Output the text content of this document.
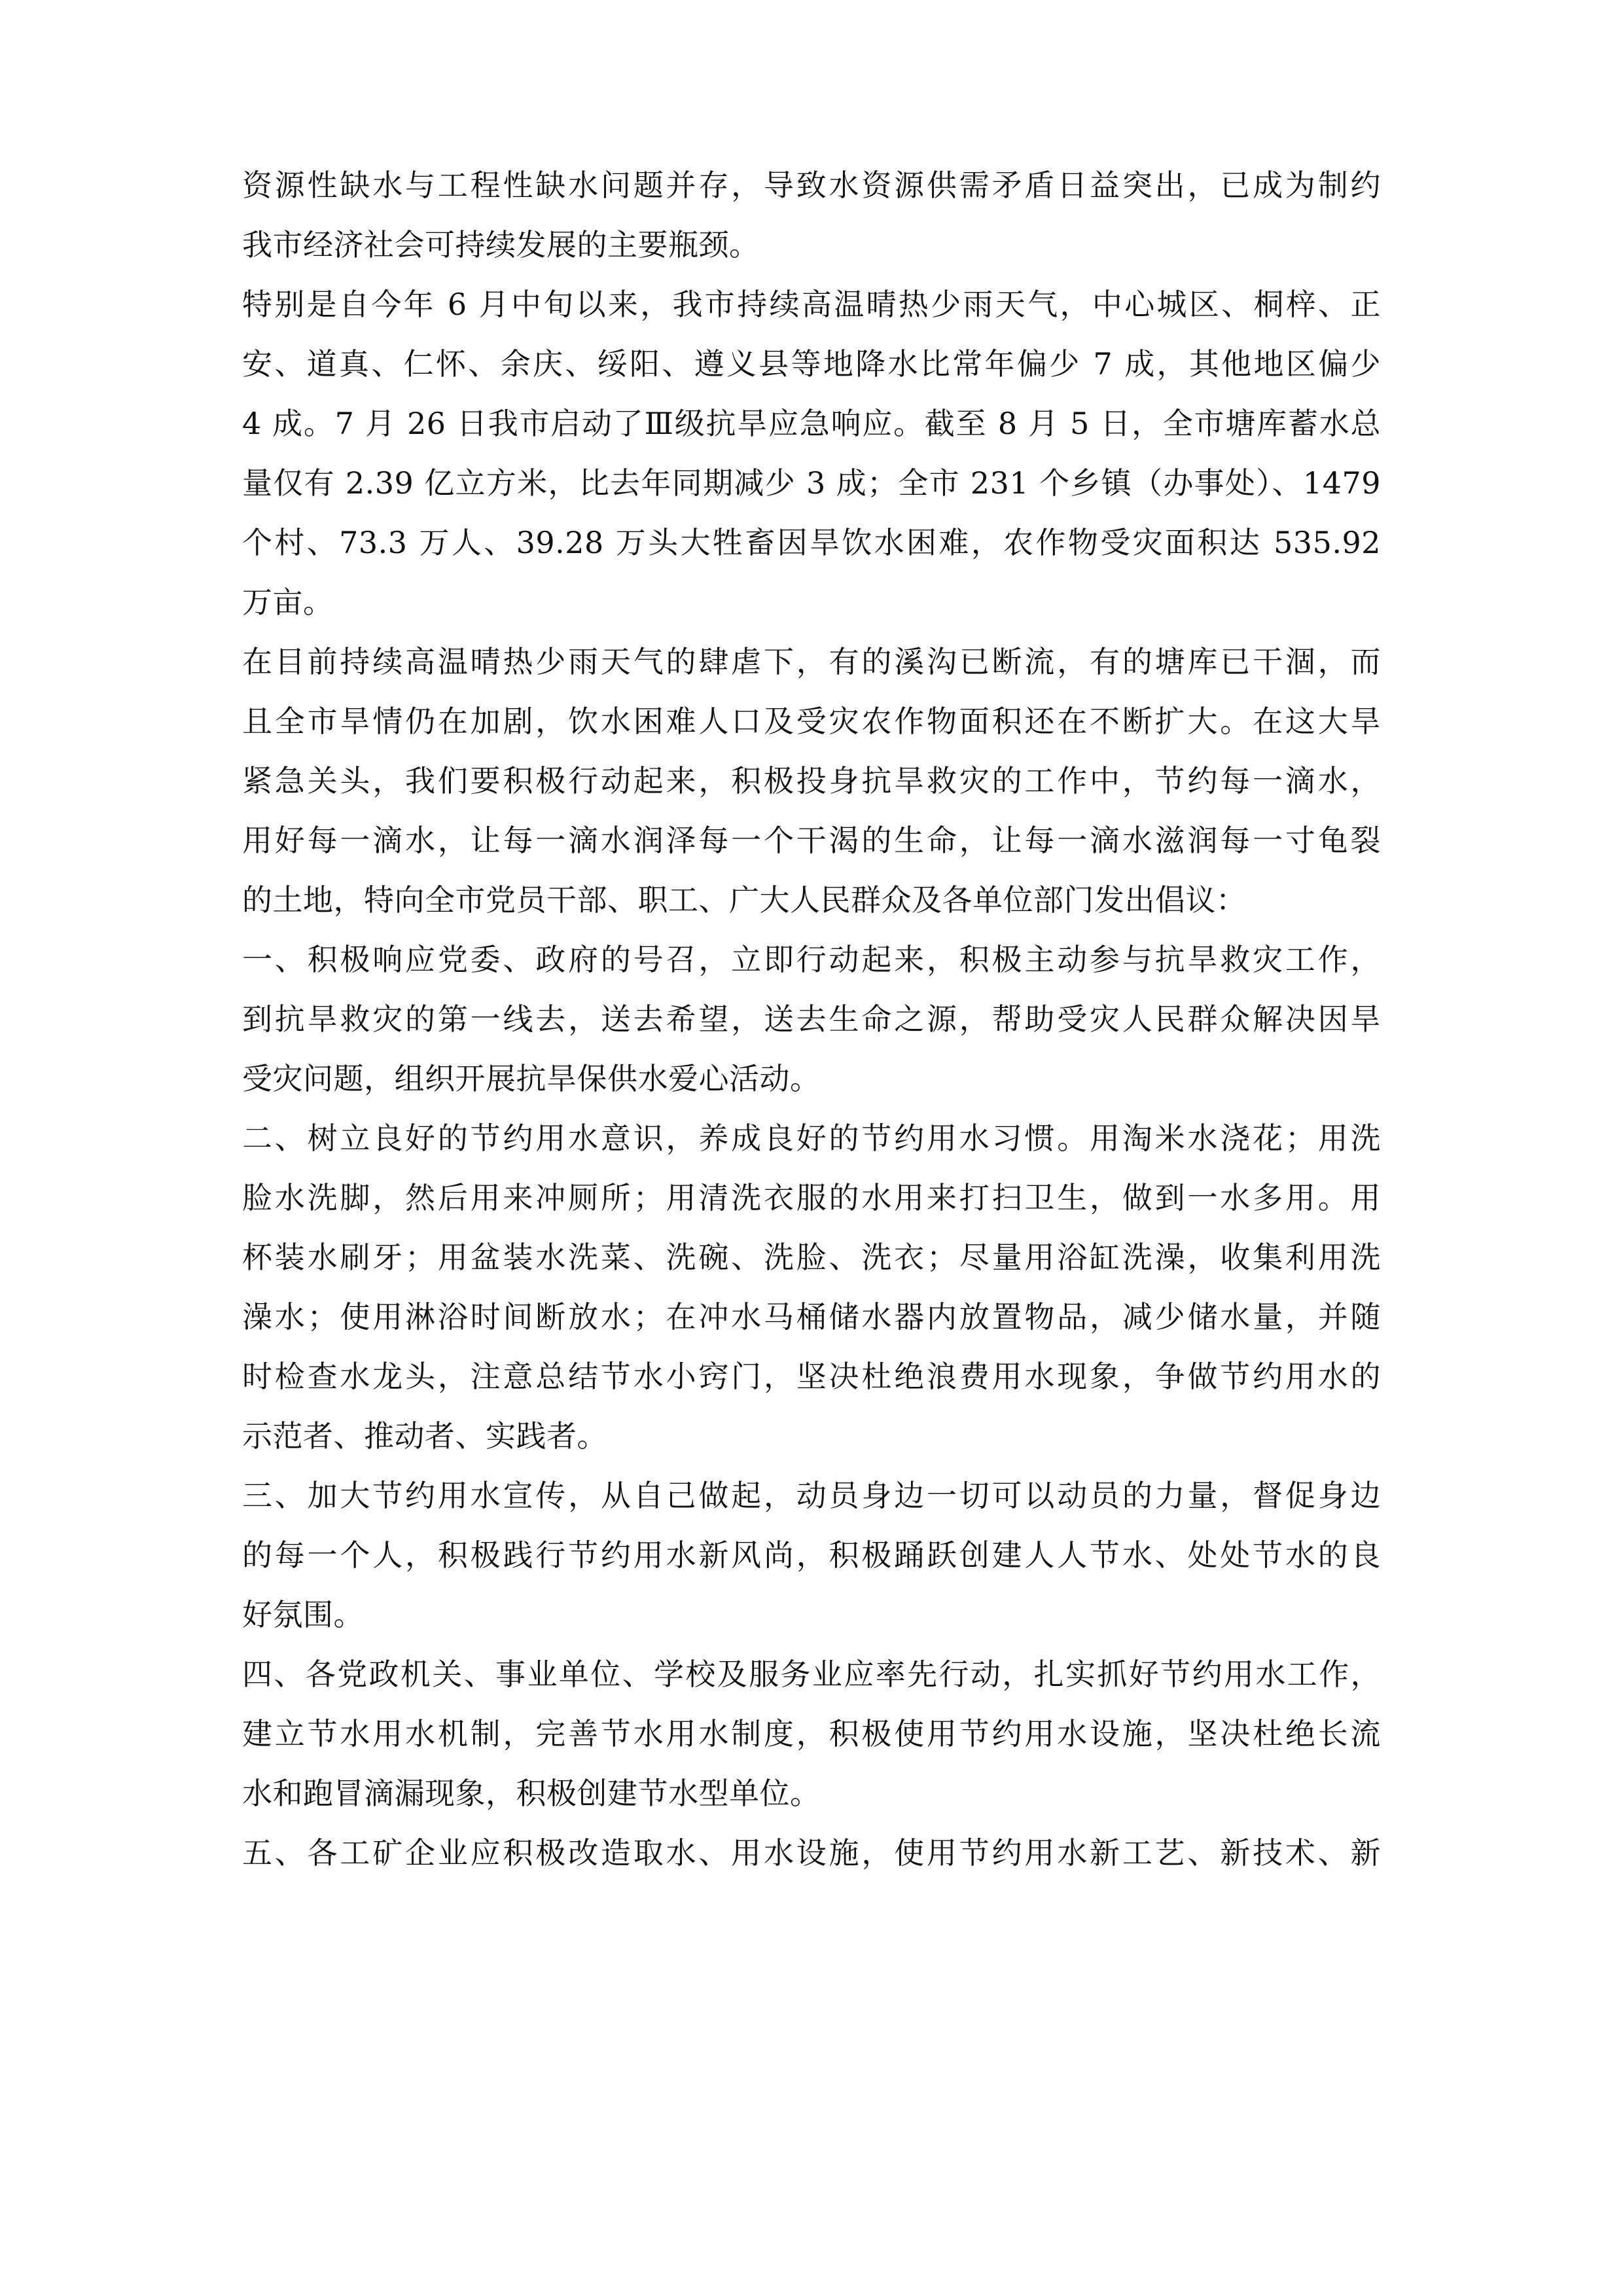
资源性缺水与工程性缺水问题并存，导致水资源供需矛盾日益突出，已成为制约
我市经济社会可持续发展的主要瓶颈。
特别是自今年 6 月中旬以来，我市持续高温晴热少雨天气，中心城区、桐梓、正
安、道真、仁怀、余庆、绥阳、遵义县等地降水比常年偏少 7 成，其他地区偏少
4 成。7 月 26 日我市启动了Ⅲ级抗旱应急响应。截至 8 月 5 日，全市塘库蓄水总
量仅有 2.39 亿立方米，比去年同期减少 3 成；全市 231 个乡镇（办事处）、1479
个村、73.3 万人、39.28 万头大牲畜因旱饮水困难，农作物受灾面积达 535.92
万亩。
在目前持续高温晴热少雨天气的肆虐下，有的溪沟已断流，有的塘库已干涸，而
且全市旱情仍在加剧，饮水困难人口及受灾农作物面积还在不断扩大。在这大旱
紧急关头，我们要积极行动起来，积极投身抗旱救灾的工作中，节约每一滴水，
用好每一滴水，让每一滴水润泽每一个干渴的生命，让每一滴水滋润每一寸龟裂
的土地，特向全市党员干部、职工、广大人民群众及各单位部门发出倡议：
一、积极响应党委、政府的号召，立即行动起来，积极主动参与抗旱救灾工作，
到抗旱救灾的第一线去，送去希望，送去生命之源，帮助受灾人民群众解决因旱
受灾问题，组织开展抗旱保供水爱心活动。
二、树立良好的节约用水意识，养成良好的节约用水习惯。用淘米水浇花；用洗
脸水洗脚，然后用来冲厕所；用清洗衣服的水用来打扫卫生，做到一水多用。用
杯装水刷牙；用盆装水洗菜、洗碗、洗脸、洗衣；尽量用浴缸洗澡，收集利用洗
澡水；使用淋浴时间断放水；在冲水马桶储水器内放置物品，减少储水量，并随
时检查水龙头，注意总结节水小窍门，坚决杜绝浪费用水现象，争做节约用水的
示范者、推动者、实践者。
三、加大节约用水宣传，从自己做起，动员身边一切可以动员的力量，督促身边
的每一个人，积极践行节约用水新风尚，积极踊跃创建人人节水、处处节水的良
好氛围。
四、各党政机关、事业单位、学校及服务业应率先行动，扎实抓好节约用水工作，
建立节水用水机制，完善节水用水制度，积极使用节约用水设施，坚决杜绝长流
水和跑冒滴漏现象，积极创建节水型单位。
五、各工矿企业应积极改造取水、用水设施，使用节约用水新工艺、新技术、新
